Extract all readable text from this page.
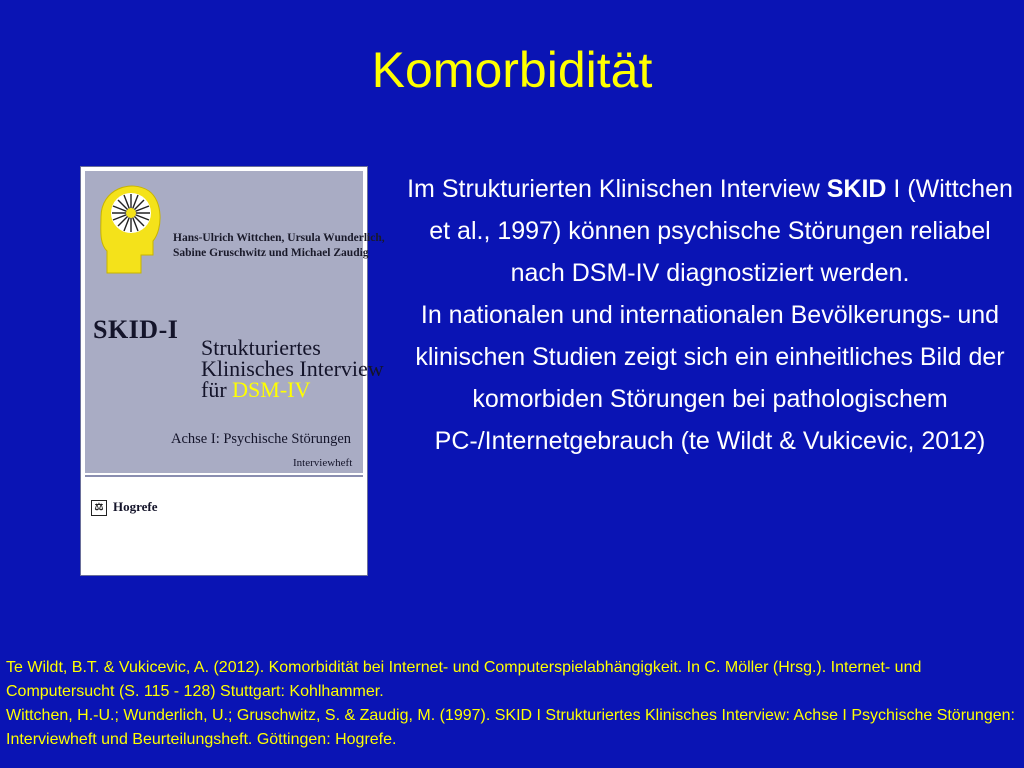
Komorbidität
Hans-Ulrich Wittchen, Ursula Wunderlich,
Sabine Gruschwitz und Michael Zaudig
SKID-I
Strukturiertes
Klinisches Interview
für DSM-IV
Achse I: Psychische Störungen
Interviewheft
⚖ Hogrefe

Im Strukturierten Klinischen Interview SKID I (Wittchen et al., 1997) können psychische Störungen reliabel nach DSM-IV diagnostiziert werden.

In nationalen und internationalen Bevölkerungs- und klinischen Studien zeigt sich ein einheitliches Bild der komorbiden Störungen bei pathologischem PC-/Internetgebrauch (te Wildt & Vukicevic, 2012)

Te Wildt, B.T. & Vukicevic, A. (2012). Komorbidität bei Internet- und Computerspielabhängigkeit. In C. Möller (Hrsg.). Internet- und Computersucht (S. 115 - 128) Stuttgart: Kohlhammer.

Wittchen, H.-U.; Wunderlich, U.; Gruschwitz, S. & Zaudig, M. (1997). SKID I Strukturiertes Klinisches Interview: Achse I Psychische Störungen: Interviewheft und Beurteilungsheft. Göttingen: Hogrefe.
